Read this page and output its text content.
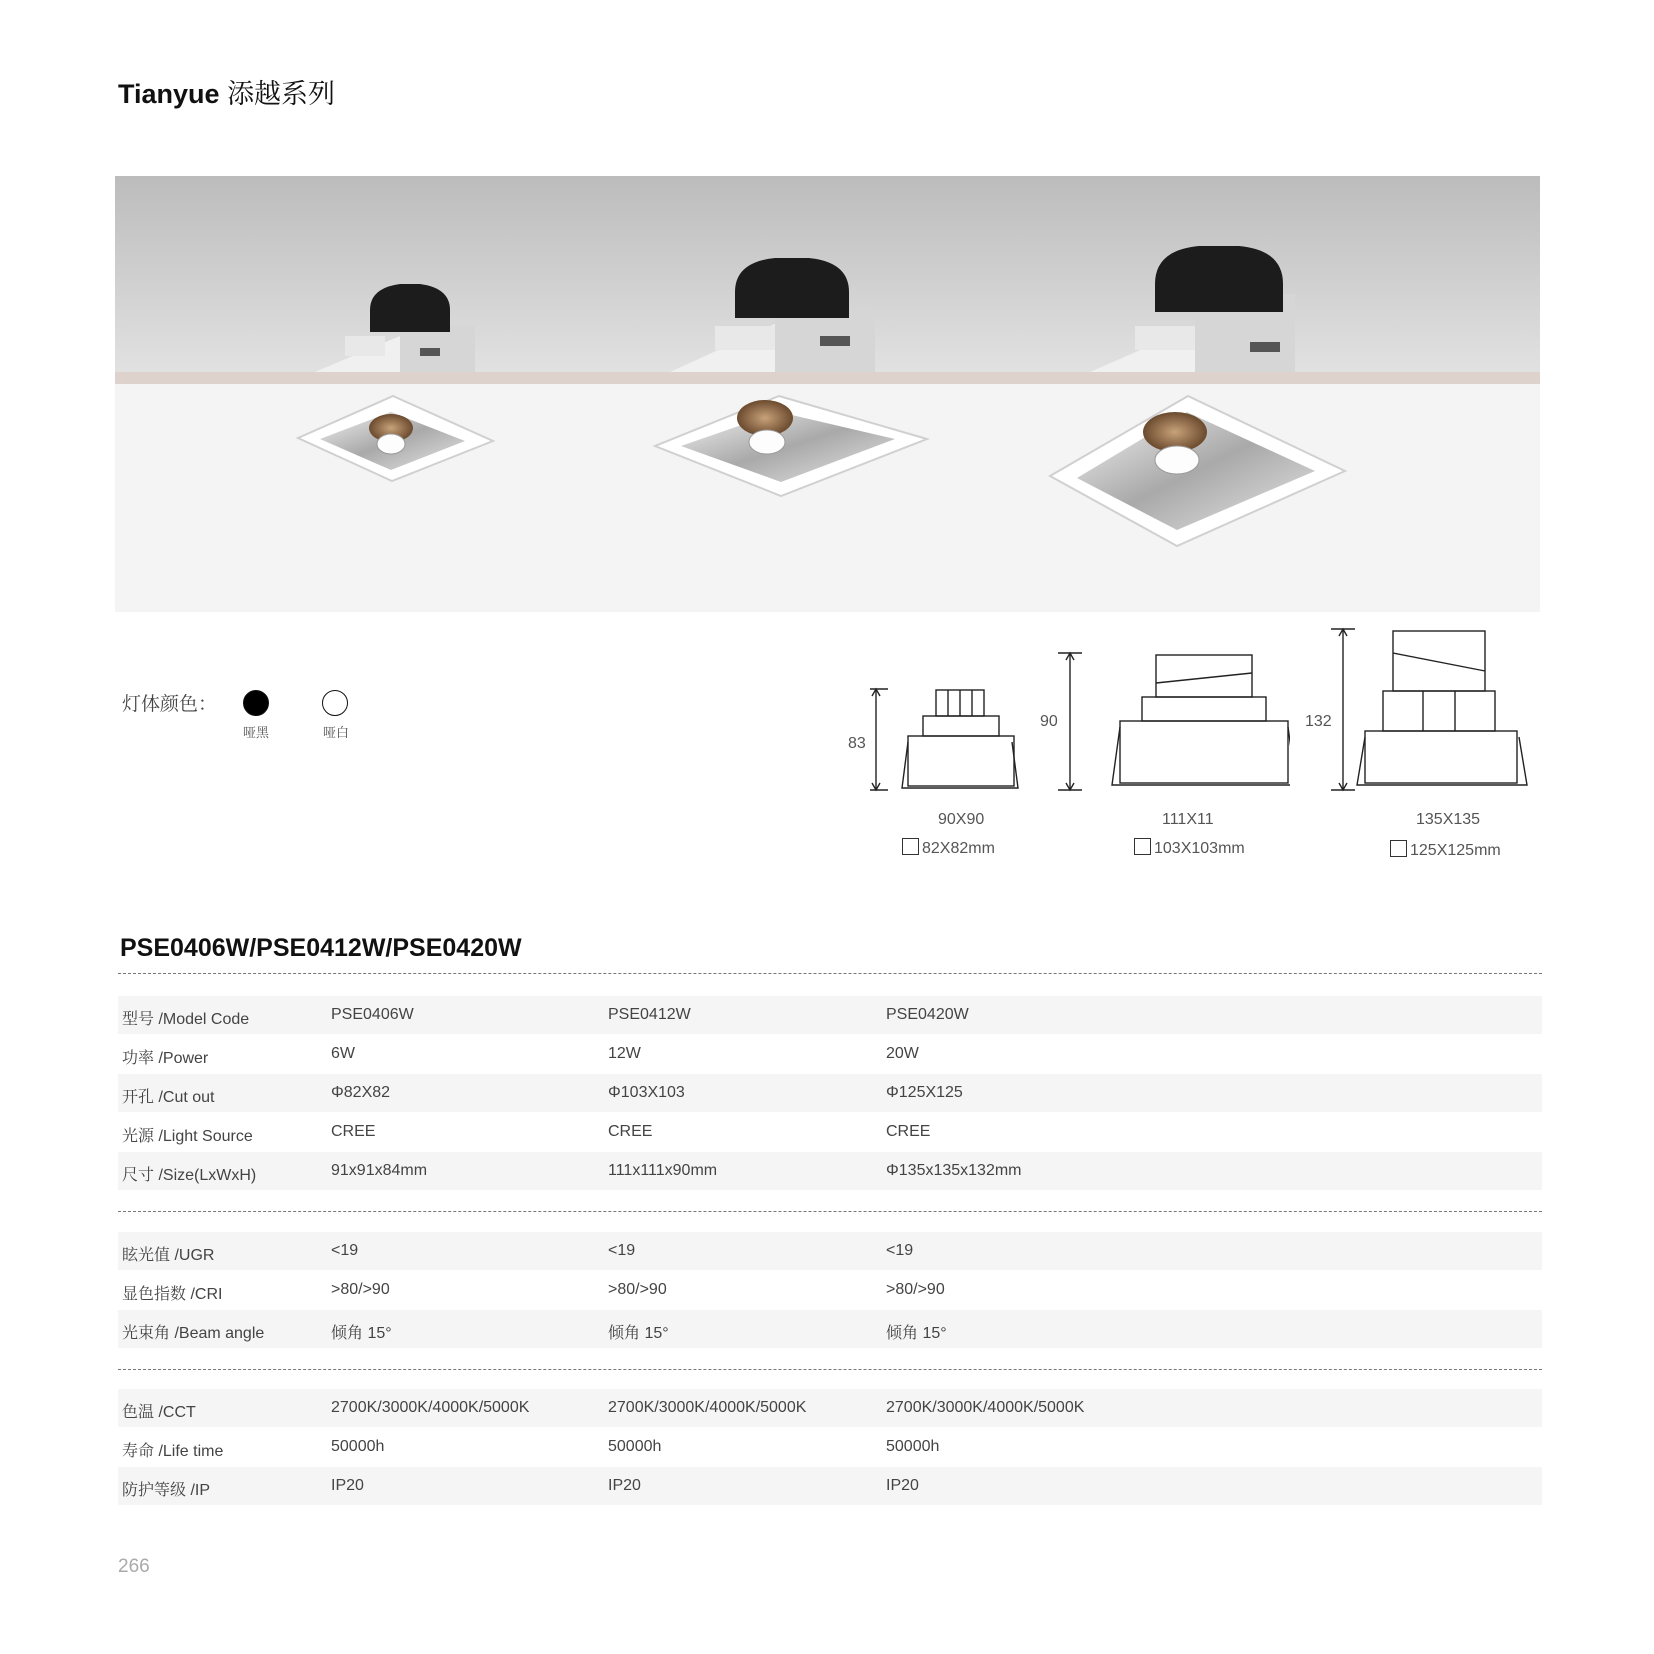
Tianyue 添越系列
灯体颜色：
哑黑	哑白
83
90X90
82X82mm
90
111X11
103X103mm
132
135X135
125X125mm
PSE0406W/PSE0412W/PSE0420W
型号 /Model Code	PSE0406W	PSE0412W	PSE0420W
功率 /Power	6W	12W	20W
开孔 /Cut out	Φ82X82	Φ103X103	Φ125X125
光源 /Light Source	CREE	CREE	CREE
尺寸 /Size(LxWxH)	91x91x84mm	111x111x90mm	Φ135x135x132mm
眩光值 /UGR	<19	<19	<19
显色指数 /CRI	>80/>90	>80/>90	>80/>90
光束角 /Beam angle	倾角 15°	倾角 15°	倾角 15°
色温 /CCT	2700K/3000K/4000K/5000K	2700K/3000K/4000K/5000K	2700K/3000K/4000K/5000K
寿命 /Life time	50000h	50000h	50000h
防护等级 /IP	IP20	IP20	IP20
266
